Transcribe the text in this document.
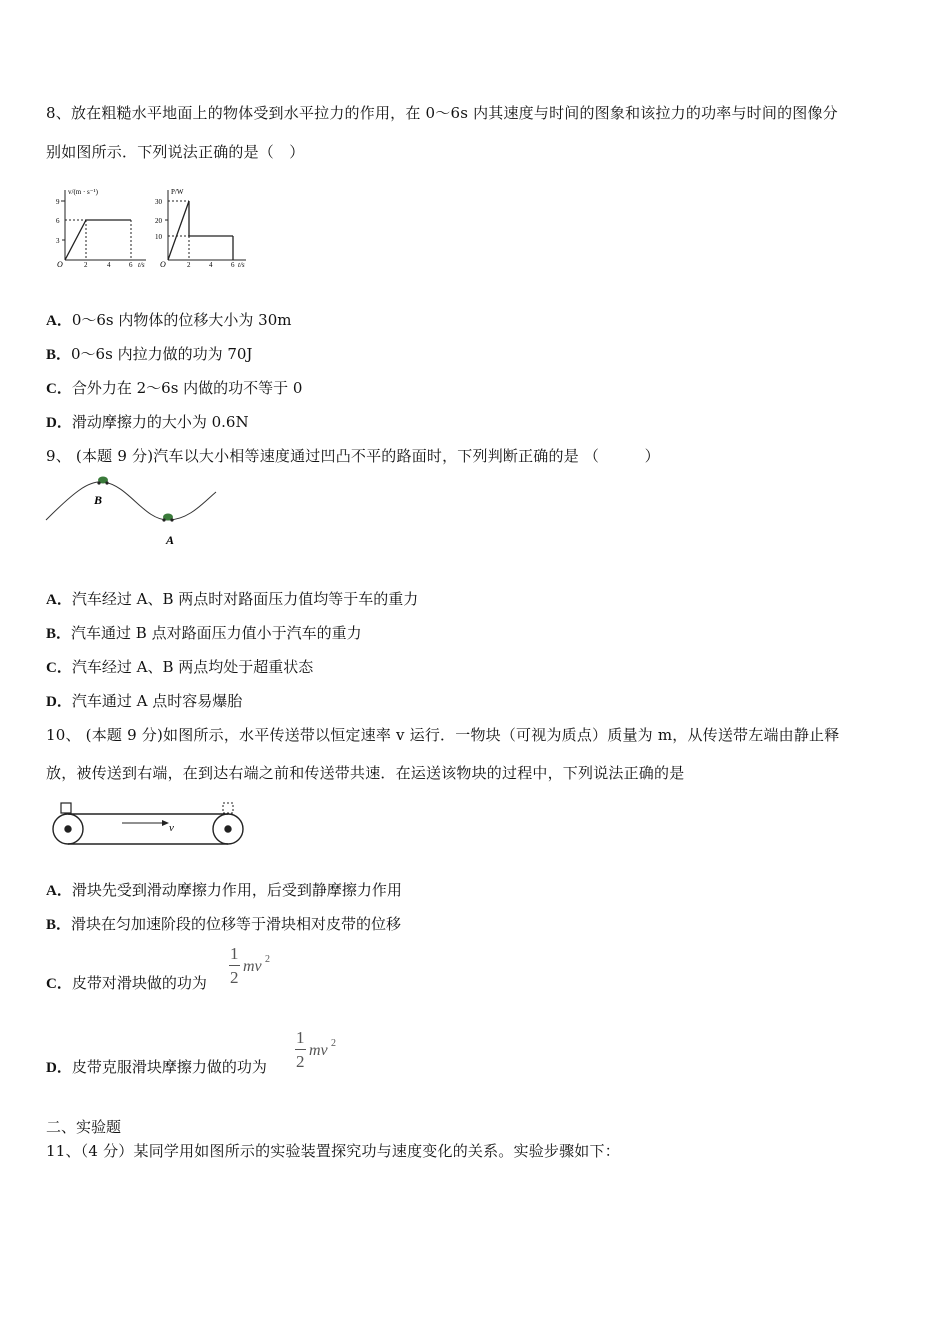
8、放在粗糙水平地面上的物体受到水平拉力的作用，在 0～6s 内其速度与时间的图象和该拉力的功率与时间的图像分
别如图所示．下列说法正确的是（　）
v/(m · s⁻¹)
9
6
3
O	2	4	6 t/s
P/W
30
20
10
O	2	4	6 t/s
A．0～6s 内物体的位移大小为 30m
B．0～6s 内拉力做的功为 70J
C．合外力在 2～6s 内做的功不等于 0
D．滑动摩擦力的大小为 0.6N
9、 (本题 9 分)汽车以大小相等速度通过凹凸不平的路面时，下列判断正确的是 （　　　）
B
A
A．汽车经过 A、B 两点时对路面压力值均等于车的重力
B．汽车通过 B 点对路面压力值小于汽车的重力
C．汽车经过 A、B 两点均处于超重状态
D．汽车通过 A 点时容易爆胎
10、 (本题 9 分)如图所示，水平传送带以恒定速率 v 运行．一物块（可视为质点）质量为 m，从传送带左端由静止释
放，被传送到右端，在到达右端之前和传送带共速．在运送该物块的过程中，下列说法正确的是
v
A．滑块先受到滑动摩擦力作用，后受到静摩擦力作用
B．滑块在匀加速阶段的位移等于滑块相对皮带的位移
C．皮带对滑块做的功为
1
2
mv 2
D．皮带克服滑块摩擦力做的功为
1
2
mv 2
二、实验题
11、（4 分）某同学用如图所示的实验装置探究功与速度变化的关系。实验步骤如下：
